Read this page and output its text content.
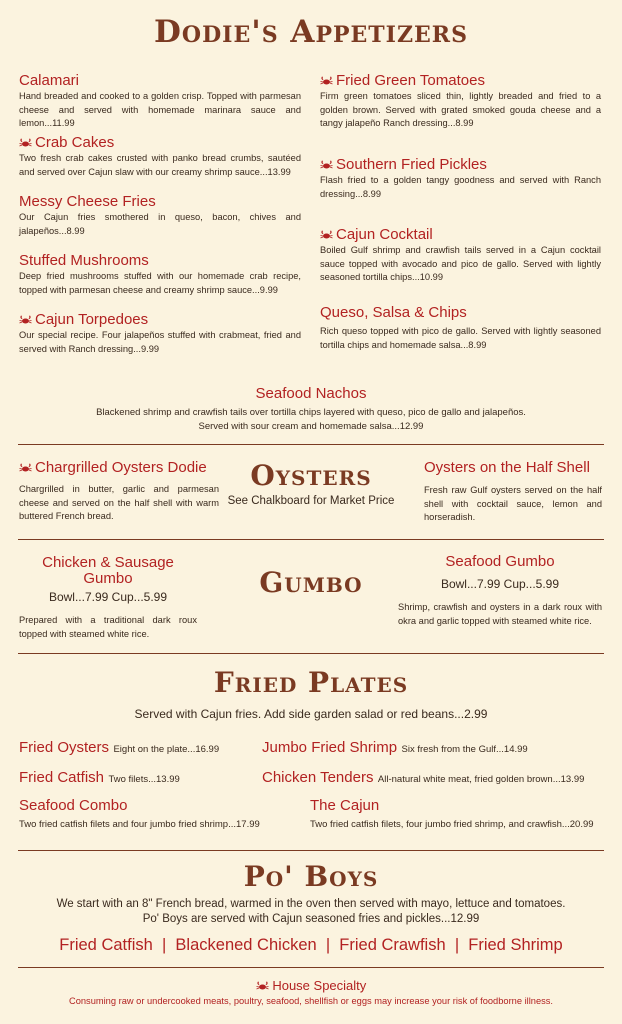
Dodie's Appetizers
Calamari
Hand breaded and cooked to a golden crisp. Topped with parmesan cheese and served with homemade marinara sauce and lemon...11.99
Crab Cakes
Two fresh crab cakes crusted with panko bread crumbs, sautéed and served over Cajun slaw with our creamy shrimp sauce...13.99
Messy Cheese Fries
Our Cajun fries smothered in queso, bacon, chives and jalapeños...8.99
Stuffed Mushrooms
Deep fried mushrooms stuffed with our homemade crab recipe, topped with parmesan cheese and creamy shrimp sauce...9.99
Cajun Torpedoes
Our special recipe. Four jalapeños stuffed with crabmeat, fried and served with Ranch dressing...9.99
Fried Green Tomatoes
Firm green tomatoes sliced thin, lightly breaded and fried to a golden brown. Served with grated smoked gouda cheese and a tangy jalapeño Ranch dressing...8.99
Southern Fried Pickles
Flash fried to a golden tangy goodness and served with Ranch dressing...8.99
Cajun Cocktail
Boiled Gulf shrimp and crawfish tails served in a Cajun cocktail sauce topped with avocado and pico de gallo. Served with lightly seasoned tortilla chips...10.99
Queso, Salsa & Chips
Rich queso topped with pico de gallo. Served with lightly seasoned tortilla chips and homemade salsa...8.99
Seafood Nachos
Blackened shrimp and crawfish tails over tortilla chips layered with queso, pico de gallo and jalapeños.
Served with sour cream and homemade salsa...12.99
Chargrilled Oysters Dodie
Chargrilled in butter, garlic and parmesan cheese and served on the half shell with warm buttered French bread.
Oysters
See Chalkboard for Market Price
Oysters on the Half Shell
Fresh raw Gulf oysters served on the half shell with cocktail sauce, lemon and horseradish.
Chicken & Sausage
Gumbo
Bowl...7.99 Cup...5.99
Prepared with a traditional dark roux topped with steamed white rice.
Gumbo
Seafood Gumbo
Bowl...7.99 Cup...5.99
Shrimp, crawfish and oysters in a dark roux with okra and garlic topped with steamed white rice.
Fried Plates
Served with Cajun fries. Add side garden salad or red beans...2.99
Fried Oysters Eight on the plate...16.99	Jumbo Fried Shrimp Six fresh from the Gulf...14.99
Fried Catfish Two filets...13.99	Chicken Tenders All-natural white meat, fried golden brown...13.99
Seafood Combo
Two fried catfish filets and four jumbo fried shrimp...17.99
The Cajun
Two fried catfish filets, four jumbo fried shrimp, and crawfish...20.99
Po' Boys
We start with an 8" French bread, warmed in the oven then served with mayo, lettuce and tomatoes.
Po' Boys are served with Cajun seasoned fries and pickles...12.99
Fried Catfish  |  Blackened Chicken  |  Fried Crawfish  |  Fried Shrimp
House Specialty
Consuming raw or undercooked meats, poultry, seafood, shellfish or eggs may increase your risk of foodborne illness.
